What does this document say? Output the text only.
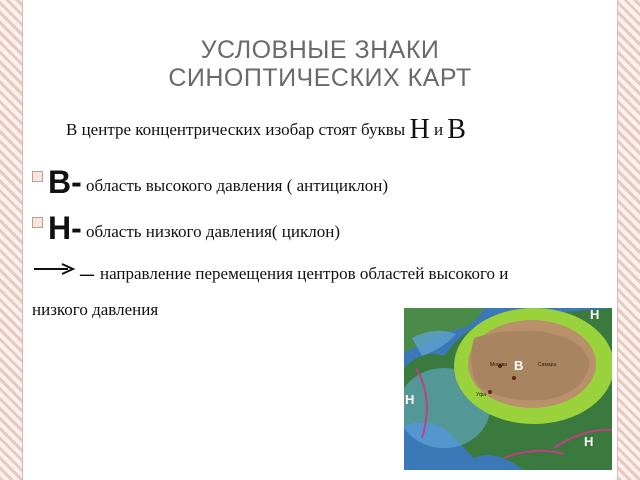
УСЛОВНЫЕ ЗНАКИ
СИНОПТИЧЕСКИХ КАРТ
В центре концентрических изобар стоят буквы Н и В
В- область высокого давления ( антициклон)
Н- область низкого давления( циклон)
– направление перемещения центров областей высокого и
низкого давления	Н
В
Н
Н
Москва	Самара
Уфа
